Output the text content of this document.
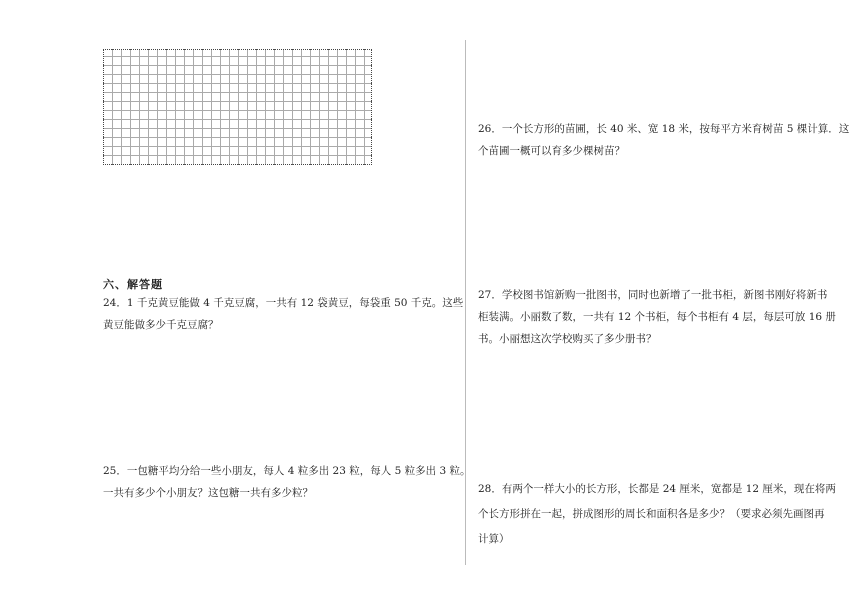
六、解答题
24．1 千克黄豆能做 4 千克豆腐，一共有 12 袋黄豆，每袋重 50 千克。这些
黄豆能做多少千克豆腐？
25．一包糖平均分给一些小朋友，每人 4 粒多出 23 粒，每人 5 粒多出 3 粒。
一共有多少个小朋友？这包糖一共有多少粒？
26．一个长方形的苗圃，长 40 米、宽 18 米，按每平方米育树苗 5 棵计算．这
个苗圃一概可以育多少棵树苗？
27．学校图书馆新购一批图书，同时也新增了一批书柜，新图书刚好将新书
柜装满。小丽数了数，一共有 12 个书柜，每个书柜有 4 层，每层可放 16 册
书。小丽想这次学校购买了多少册书？
28．有两个一样大小的长方形，长都是 24 厘米，宽都是 12 厘米，现在将两
个长方形拼在一起，拼成图形的周长和面积各是多少？（要求必须先画图再
计算）
